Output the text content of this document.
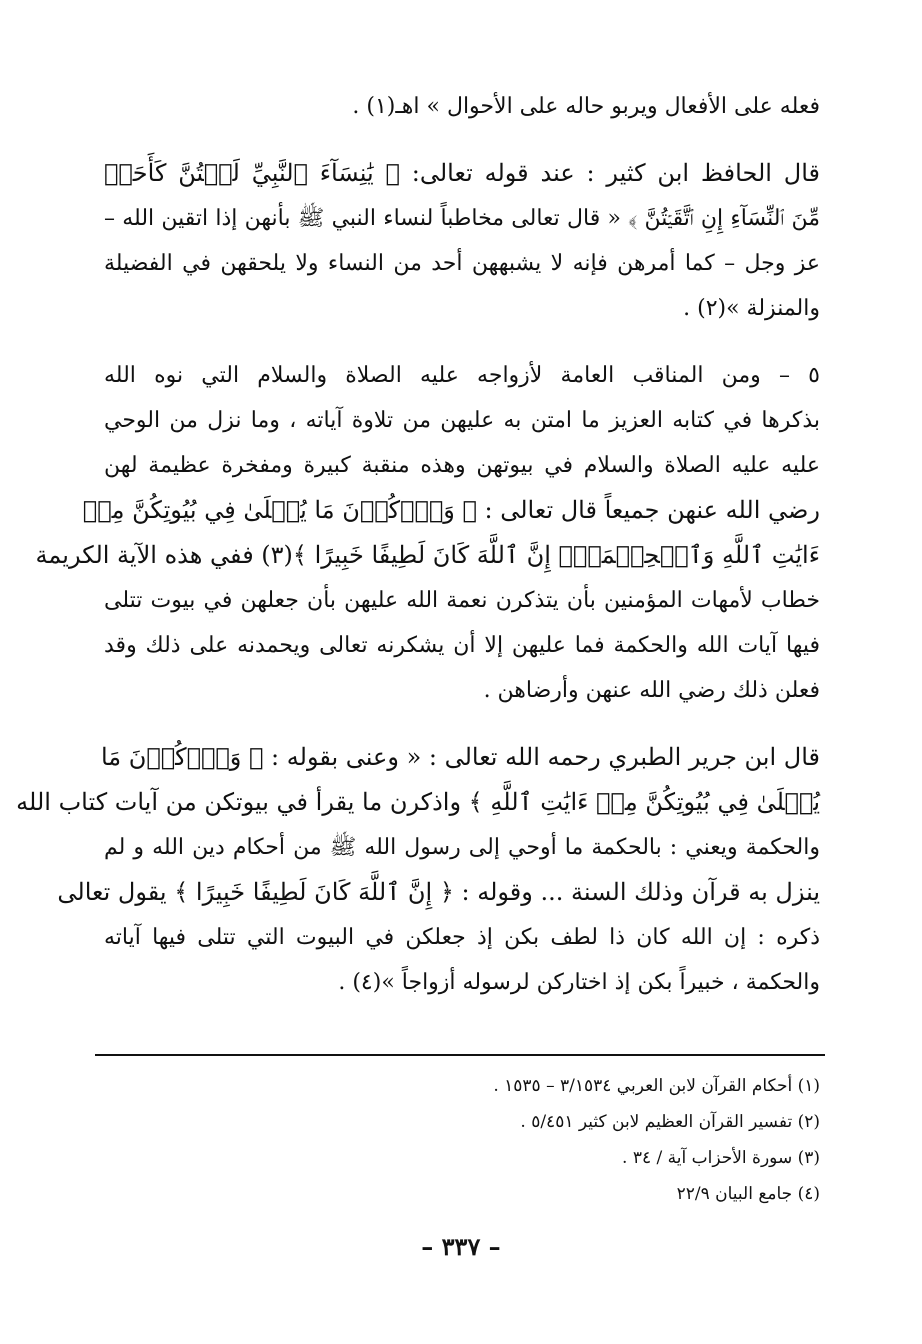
فعله على الأفعال ويربو حاله على الأحوال » اهـ(١) .
قال الحافظ ابن كثير : عند قوله تعالى: ﴿ يَٰنِسَآءَ ٱلنَّبِيِّ لَسۡتُنَّ كَأَحَدٖ
مِّنَ ٱلنِّسَآءِ إِنِ ٱتَّقَيۡتُنَّ ﴾ « قال تعالى مخاطباً لنساء النبي ﷺ بأنهن إذا اتقين الله –
عز وجل – كما أمرهن فإنه لا يشبههن أحد من النساء ولا يلحقهن في الفضيلة
والمنزلة »(٢) .
٥ – ومن المناقب العامة لأزواجه عليه الصلاة والسلام التي نوه الله
بذكرها في كتابه العزيز ما امتن به عليهن من تلاوة آياته ، وما نزل من الوحي
عليه عليه الصلاة والسلام في بيوتهن وهذه منقبة كبيرة ومفخرة عظيمة لهن
رضي الله عنهن جميعاً قال تعالى : ﴿ وَٱذۡكُرۡنَ مَا يُتۡلَىٰ فِي بُيُوتِكُنَّ مِنۡ
ءَايَٰتِ ٱللَّهِ وَٱلۡحِكۡمَةِۚ إِنَّ ٱللَّهَ كَانَ لَطِيفًا خَبِيرًا ﴾(٣) ففي هذه الآية الكريمة
خطاب لأمهات المؤمنين بأن يتذكرن نعمة الله عليهن بأن جعلهن في بيوت تتلى
فيها آيات الله والحكمة فما عليهن إلا أن يشكرنه تعالى ويحمدنه على ذلك وقد
فعلن ذلك رضي الله عنهن وأرضاهن .
قال ابن جرير الطبري رحمه الله تعالى : « وعنى بقوله : ﴿ وَٱذۡكُرۡنَ مَا
يُتۡلَىٰ فِي بُيُوتِكُنَّ مِنۡ ءَايَٰتِ ٱللَّهِ ﴾ واذكرن ما يقرأ في بيوتكن من آيات كتاب الله
والحكمة ويعني : بالحكمة ما أوحي إلى رسول الله ﷺ من أحكام دين الله و لم
ينزل به قرآن وذلك السنة ... وقوله : ﴿ إِنَّ ٱللَّهَ كَانَ لَطِيفًا خَبِيرًا ﴾ يقول تعالى
ذكره : إن الله كان ذا لطف بكن إذ جعلكن في البيوت التي تتلى فيها آياته
والحكمة ، خبيراً بكن إذ اختاركن لرسوله أزواجاً »(٤) .
(١) أحكام القرآن لابن العربي ٣/١٥٣٤ – ١٥٣٥ .
(٢) تفسير القرآن العظيم لابن كثير ٥/٤٥١ .
(٣) سورة الأحزاب آية / ٣٤ .
(٤) جامع البيان ٢٢/٩
– ٣٣٧ –
